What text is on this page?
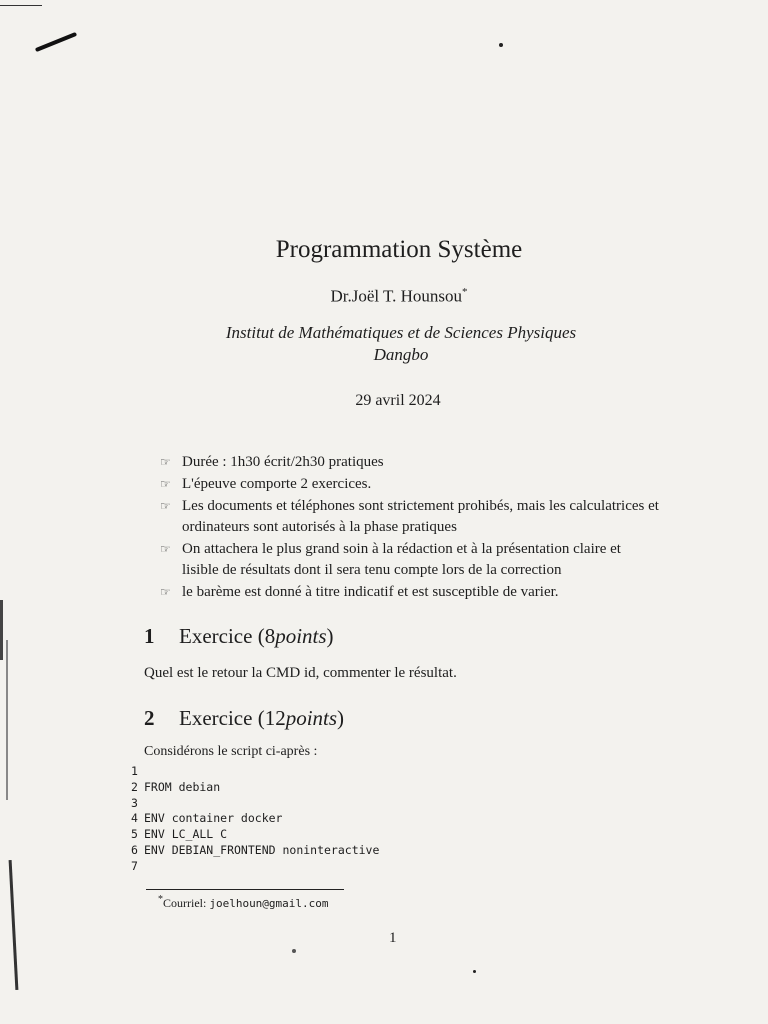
Programmation Système
Dr.Joël T. Hounsou*
Institut de Mathématiques et de Sciences Physiques
Dangbo
29 avril 2024
☞ Durée : 1h30 écrit/2h30 pratiques
☞ L'épeuve comporte 2 exercices.
☞ Les documents et téléphones sont strictement prohibés, mais les calculatrices et ordinateurs sont autorisés à la phase pratiques
☞ On attachera le plus grand soin à la rédaction et à la présentation claire et lisible de résultats dont il sera tenu compte lors de la correction
☞ le barème est donné à titre indicatif et est susceptible de varier.
1 Exercice (8points)
Quel est le retour la CMD id, commenter le résultat.
2 Exercice (12points)
Considérons le script ci-après :
1
2 FROM debian
3
4 ENV container docker
5 ENV LC_ALL C
6 ENV DEBIAN_FRONTEND noninteractive
7
*Courriel: joelhoun@gmail.com
1
